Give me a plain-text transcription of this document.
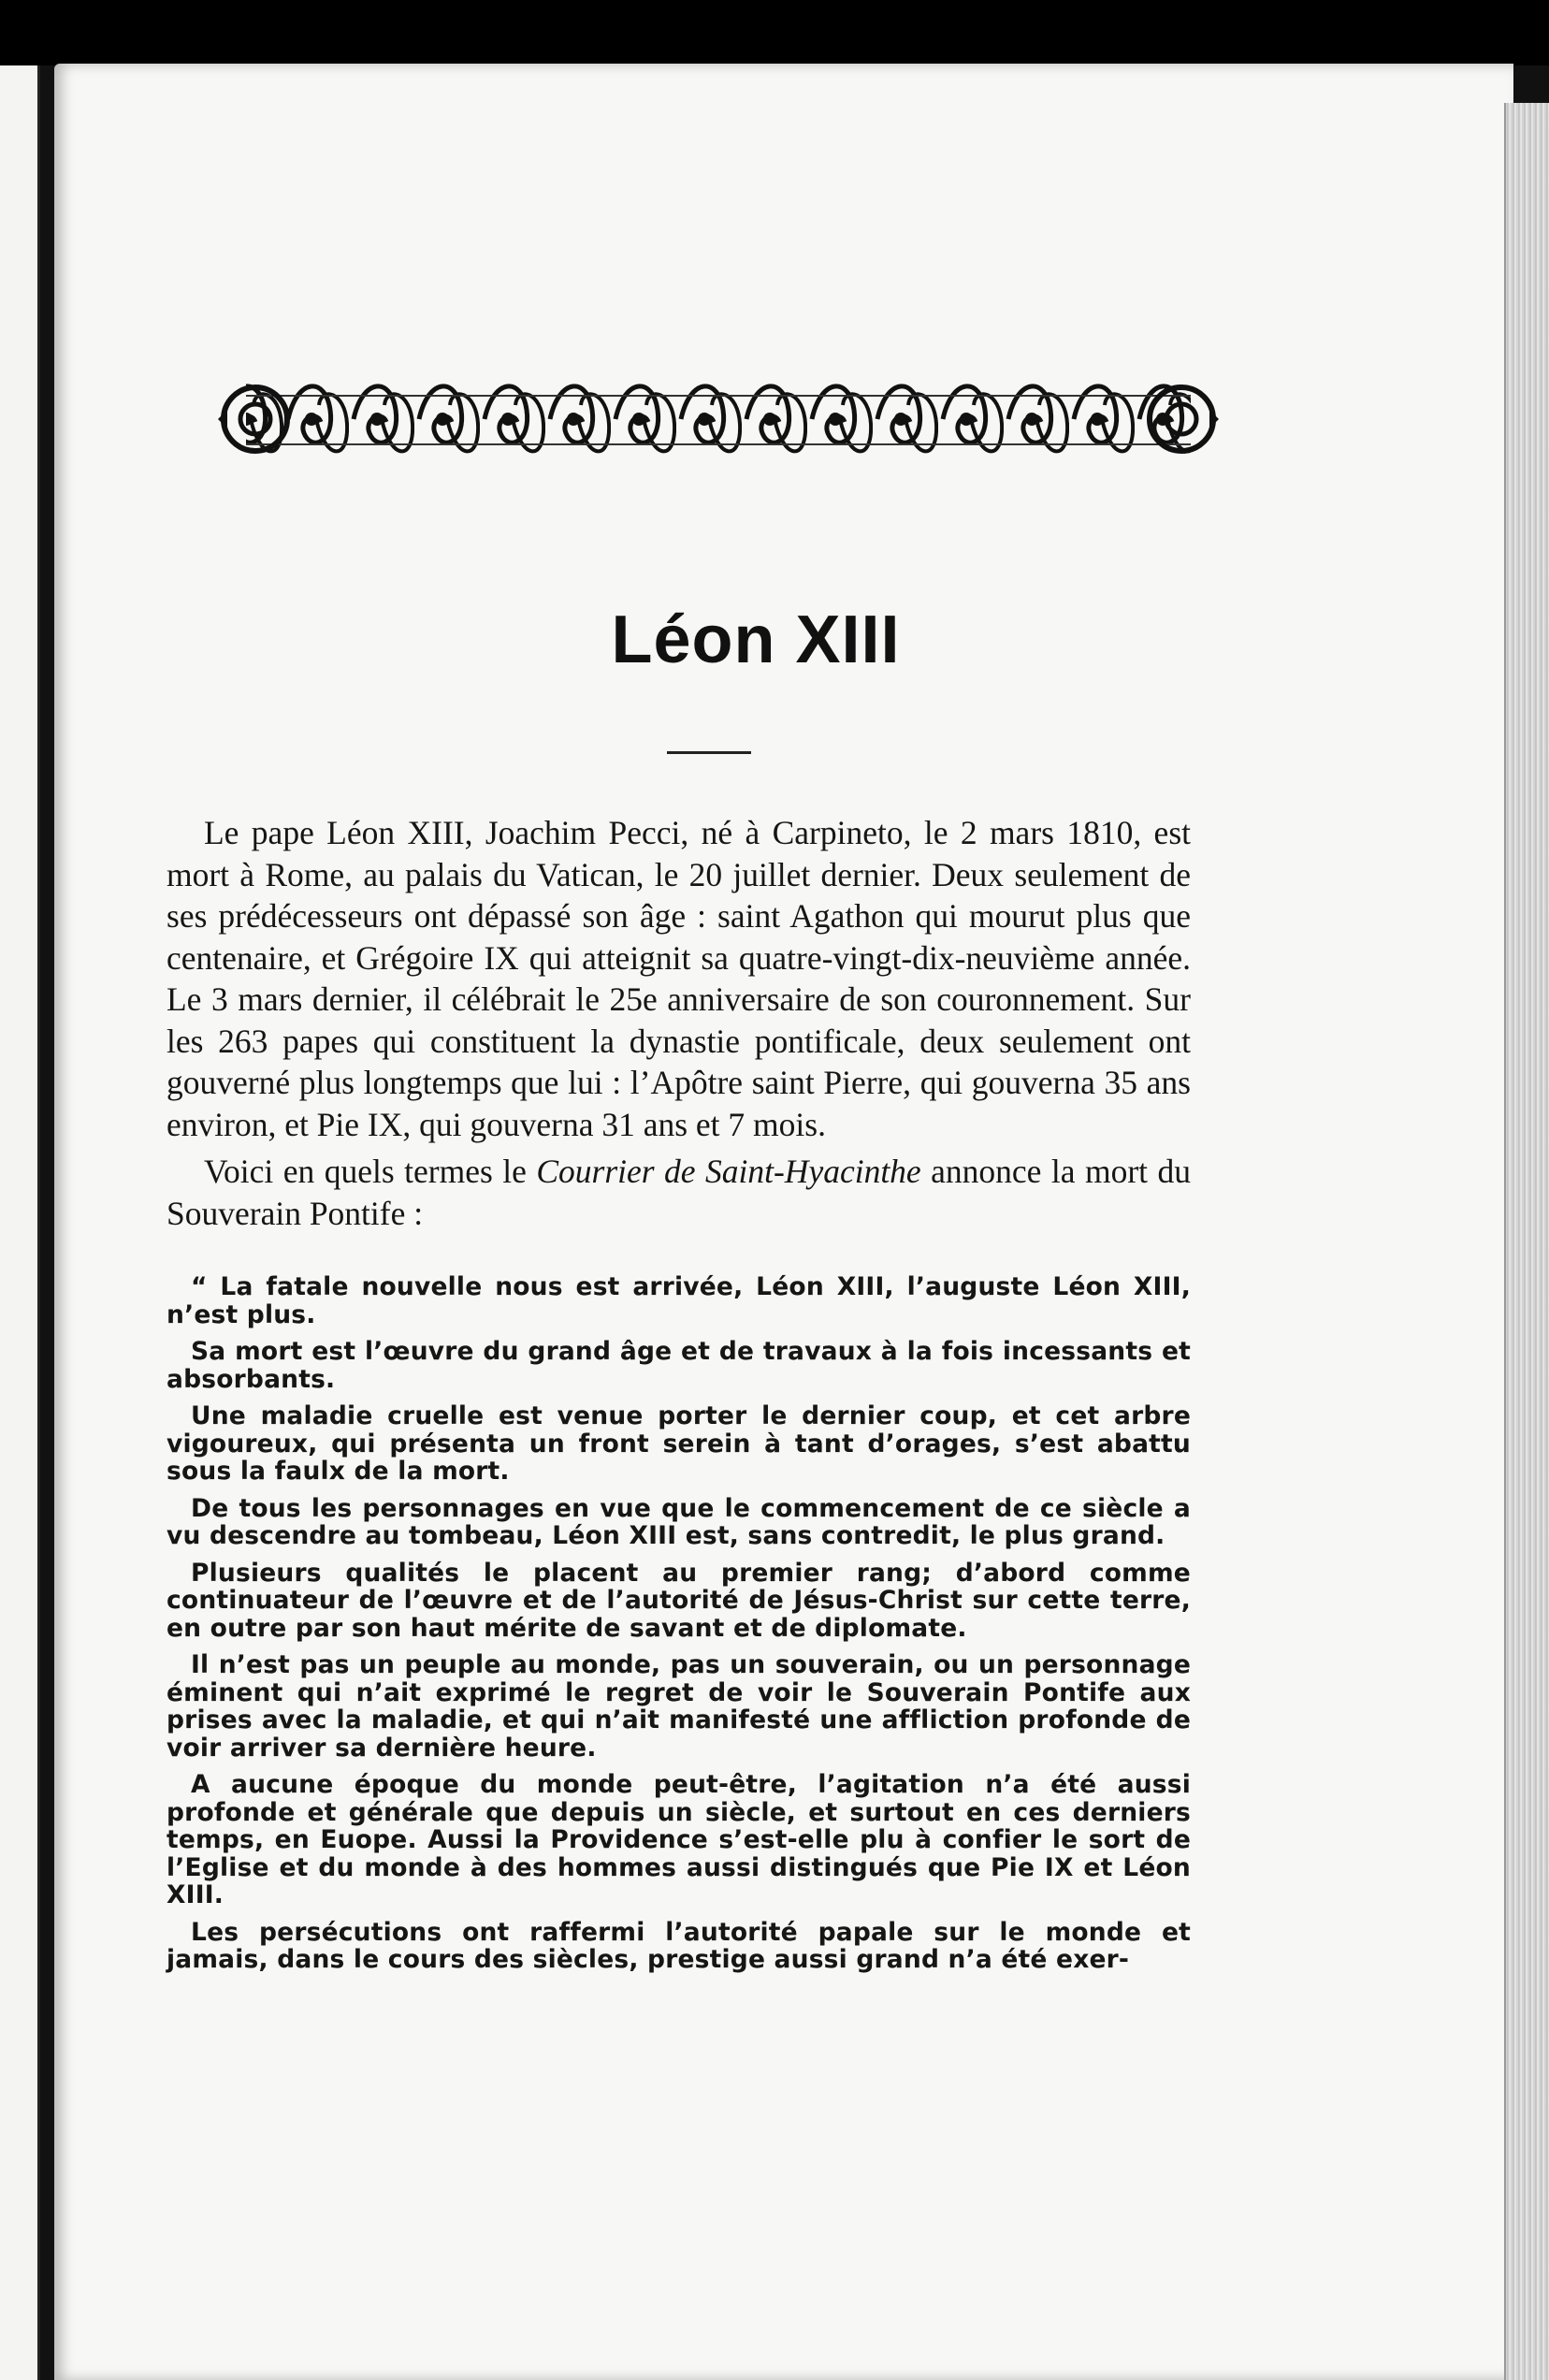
Léon XIII

Le pape Léon XIII, Joachim Pecci, né à Carpineto, le 2 mars 1810, est mort à Rome, au palais du Vatican, le 20 juillet dernier. Deux seulement de ses prédécesseurs ont dépassé son âge : saint Agathon qui mourut plus que centenaire, et Grégoire IX qui atteignit sa quatre-vingt-dix-neuvième année. Le 3 mars dernier, il célébrait le 25e anniversaire de son couronnement. Sur les 263 papes qui constituent la dynastie pontificale, deux seulement ont gouverné plus longtemps que lui : l’Apôtre saint Pierre, qui gouverna 35 ans environ, et Pie IX, qui gouverna 31 ans et 7 mois.

Voici en quels termes le Courrier de Saint-Hyacinthe annonce la mort du Souverain Pontife :

“ La fatale nouvelle nous est arrivée, Léon XIII, l’auguste Léon XIII, n’est plus.

Sa mort est l’œuvre du grand âge et de travaux à la fois incessants et absorbants.

Une maladie cruelle est venue porter le dernier coup, et cet arbre vigoureux, qui présenta un front serein à tant d’orages, s’est abattu sous la faulx de la mort.

De tous les personnages en vue que le commencement de ce siècle a vu descendre au tombeau, Léon XIII est, sans contredit, le plus grand.

Plusieurs qualités le placent au premier rang; d’abord comme continuateur de l’œuvre et de l’autorité de Jésus-Christ sur cette terre, en outre par son haut mérite de savant et de diplomate.

Il n’est pas un peuple au monde, pas un souverain, ou un personnage éminent qui n’ait exprimé le regret de voir le Souverain Pontife aux prises avec la maladie, et qui n’ait manifesté une affliction profonde de voir arriver sa dernière heure.

A aucune époque du monde peut-être, l’agitation n’a été aussi profonde et générale que depuis un siècle, et surtout en ces derniers temps, en Euope. Aussi la Providence s’est-elle plu à confier le sort de l’Eglise et du monde à des hommes aussi distingués que Pie IX et Léon XIII.

Les persécutions ont raffermi l’autorité papale sur le monde et jamais, dans le cours des siècles, prestige aussi grand n’a été exer-
